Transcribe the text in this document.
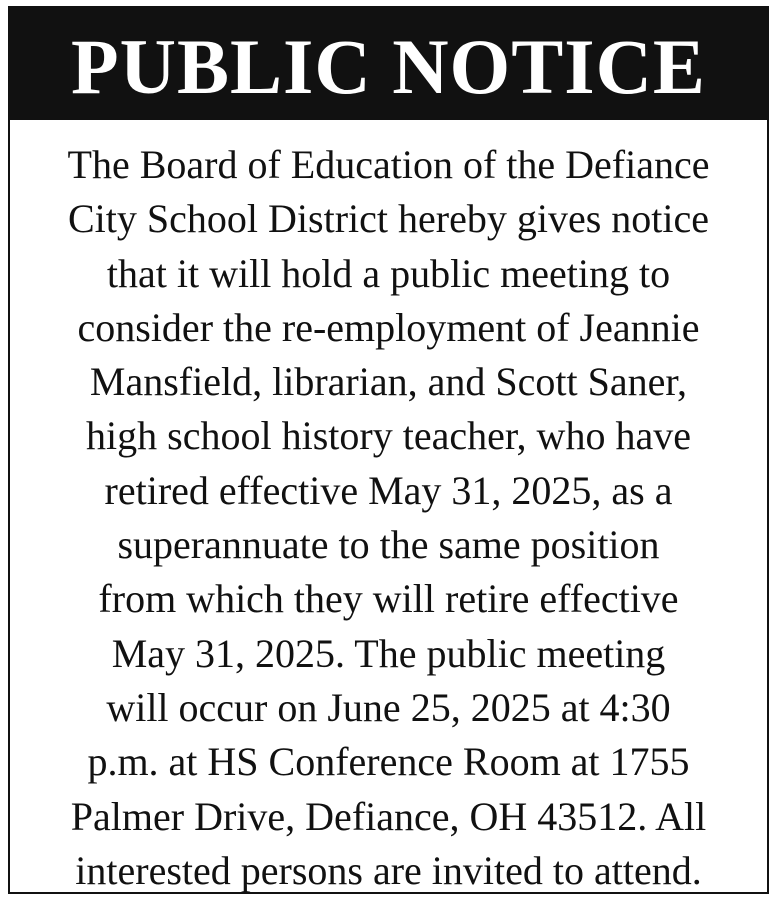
PUBLIC NOTICE
The Board of Education of the Defiance
City School District hereby gives notice
that it will hold a public meeting to
consider the re-employment of Jeannie
Mansfield, librarian, and Scott Saner,
high school history teacher, who have
retired effective May 31, 2025, as a
superannuate to the same position
from which they will retire effective
May 31, 2025. The public meeting
will occur on June 25, 2025 at 4:30
p.m. at HS Conference Room at 1755
Palmer Drive, Defiance, OH 43512. All
interested persons are invited to attend.
